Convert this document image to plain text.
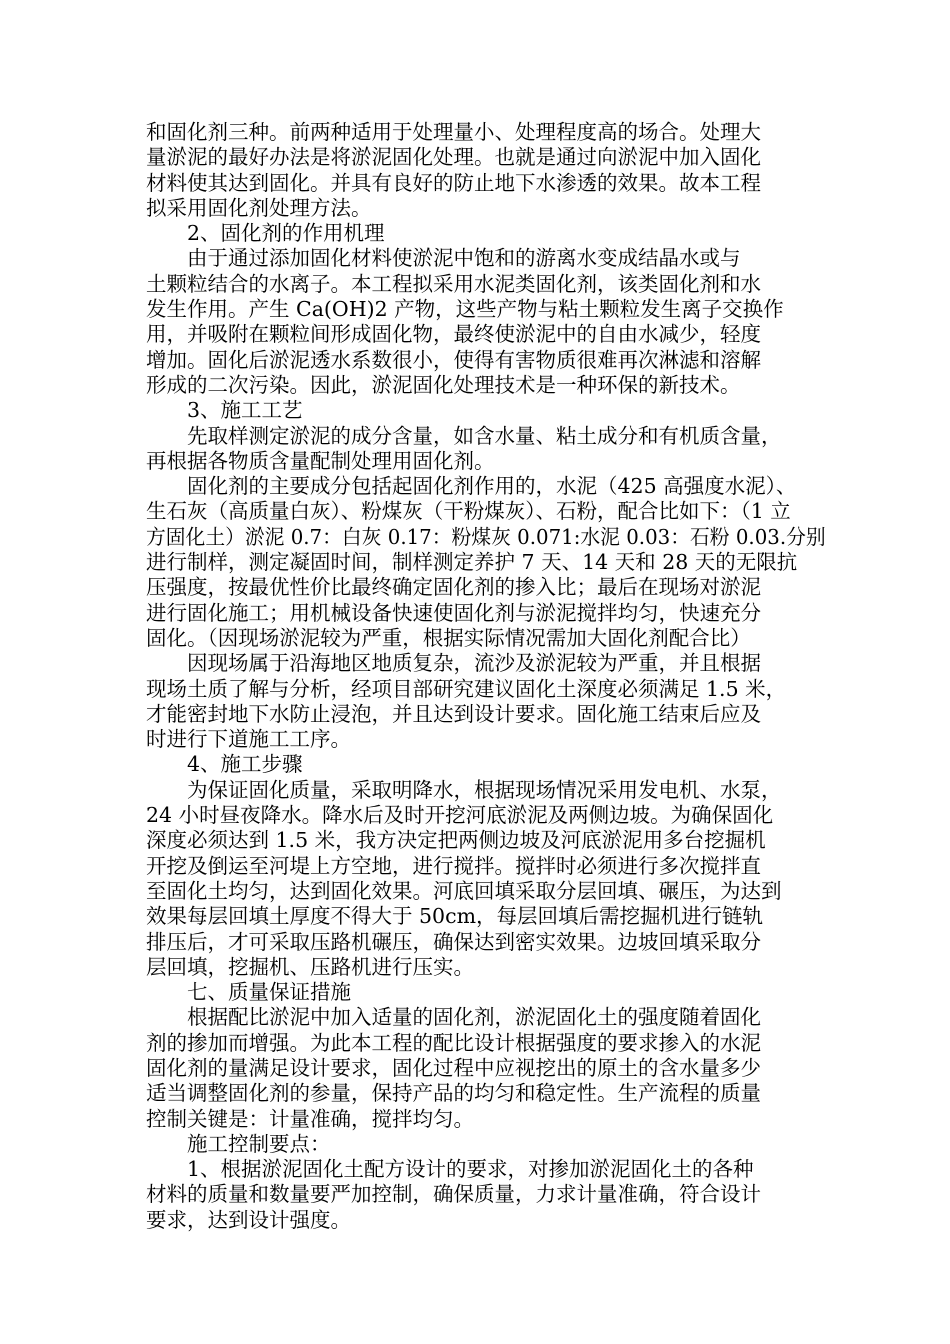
和固化剂三种。前两种适用于处理量小、处理程度高的场合。处理大
量淤泥的最好办法是将淤泥固化处理。也就是通过向淤泥中加入固化
材料使其达到固化。并具有良好的防止地下水渗透的效果。故本工程
拟采用固化剂处理方法。
2、固化剂的作用机理
由于通过添加固化材料使淤泥中饱和的游离水变成结晶水或与
土颗粒结合的水离子。本工程拟采用水泥类固化剂，该类固化剂和水
发生作用。产生 Ca(OH)2 产物，这些产物与粘土颗粒发生离子交换作
用，并吸附在颗粒间形成固化物，最终使淤泥中的自由水减少，轻度
增加。固化后淤泥透水系数很小，使得有害物质很难再次淋滤和溶解
形成的二次污染。因此，淤泥固化处理技术是一种环保的新技术。
3、施工工艺
先取样测定淤泥的成分含量，如含水量、粘土成分和有机质含量，
再根据各物质含量配制处理用固化剂。
固化剂的主要成分包括起固化剂作用的，水泥（425 高强度水泥）、
生石灰（高质量白灰）、粉煤灰（干粉煤灰）、石粉，配合比如下：（1 立
方固化土）淤泥 0.7：白灰 0.17：粉煤灰 0.071:水泥 0.03：石粉 0.03.分别
进行制样，测定凝固时间，制样测定养护 7 天、14 天和 28 天的无限抗
压强度，按最优性价比最终确定固化剂的掺入比；最后在现场对淤泥
进行固化施工；用机械设备快速使固化剂与淤泥搅拌均匀，快速充分
固化。（因现场淤泥较为严重，根据实际情况需加大固化剂配合比）
因现场属于沿海地区地质复杂，流沙及淤泥较为严重，并且根据
现场土质了解与分析，经项目部研究建议固化土深度必须满足 1.5 米，
才能密封地下水防止浸泡，并且达到设计要求。固化施工结束后应及
时进行下道施工工序。
4、施工步骤
为保证固化质量，采取明降水，根据现场情况采用发电机、水泵，
24 小时昼夜降水。降水后及时开挖河底淤泥及两侧边坡。为确保固化
深度必须达到 1.5 米，我方决定把两侧边坡及河底淤泥用多台挖掘机
开挖及倒运至河堤上方空地，进行搅拌。搅拌时必须进行多次搅拌直
至固化土均匀，达到固化效果。河底回填采取分层回填、碾压，为达到
效果每层回填土厚度不得大于 50cm，每层回填后需挖掘机进行链轨
排压后，才可采取压路机碾压，确保达到密实效果。边坡回填采取分
层回填，挖掘机、压路机进行压实。
七、质量保证措施
根据配比淤泥中加入适量的固化剂，淤泥固化土的强度随着固化
剂的掺加而增强。为此本工程的配比设计根据强度的要求掺入的水泥
固化剂的量满足设计要求，固化过程中应视挖出的原土的含水量多少
适当调整固化剂的参量，保持产品的均匀和稳定性。生产流程的质量
控制关键是：计量准确，搅拌均匀。
施工控制要点：
1、根据淤泥固化土配方设计的要求，对掺加淤泥固化土的各种
材料的质量和数量要严加控制，确保质量，力求计量准确，符合设计
要求，达到设计强度。
